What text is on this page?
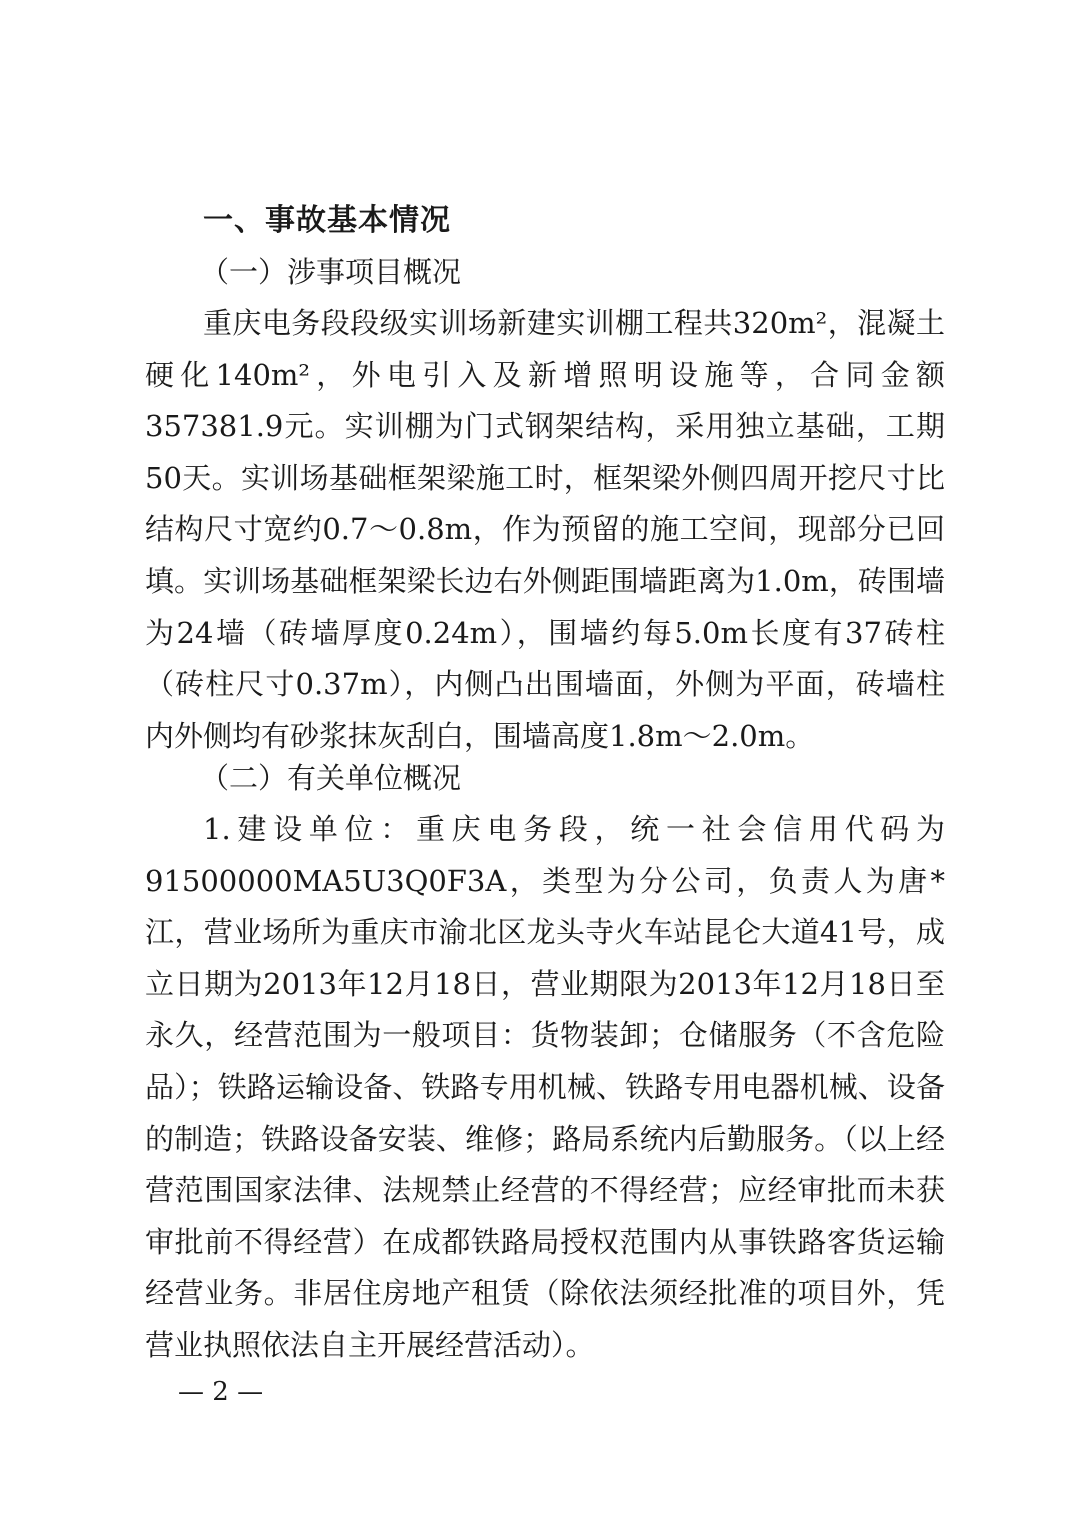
一、事故基本情况
（一）涉事项目概况

重庆电务段段级实训场新建实训棚工程共320m²，混凝土硬化140m²，外电引入及新增照明设施等，合同金额357381.9元。实训棚为门式钢架结构，采用独立基础，工期50天。实训场基础框架梁施工时，框架梁外侧四周开挖尺寸比结构尺寸宽约0.7～0.8m，作为预留的施工空间，现部分已回填。实训场基础框架梁长边右外侧距围墙距离为1.0m，砖围墙为24墙（砖墙厚度0.24m），围墙约每5.0m长度有37砖柱（砖柱尺寸0.37m），内侧凸出围墙面，外侧为平面，砖墙柱内外侧均有砂浆抹灰刮白，围墙高度1.8m～2.0m。

（二）有关单位概况

1.建设单位：重庆电务段，统一社会信用代码为91500000MA5U3Q0F3A，类型为分公司，负责人为唐*江，营业场所为重庆市渝北区龙头寺火车站昆仑大道41号，成立日期为2013年12月18日，营业期限为2013年12月18日至永久，经营范围为一般项目：货物装卸；仓储服务（不含危险品）；铁路运输设备、铁路专用机械、铁路专用电器机械、设备的制造；铁路设备安装、维修；路局系统内后勤服务。（以上经营范围国家法律、法规禁止经营的不得经营；应经审批而未获审批前不得经营）在成都铁路局授权范围内从事铁路客货运输经营业务。非居住房地产租赁（除依法须经批准的项目外，凭营业执照依法自主开展经营活动）。

— 2 —
